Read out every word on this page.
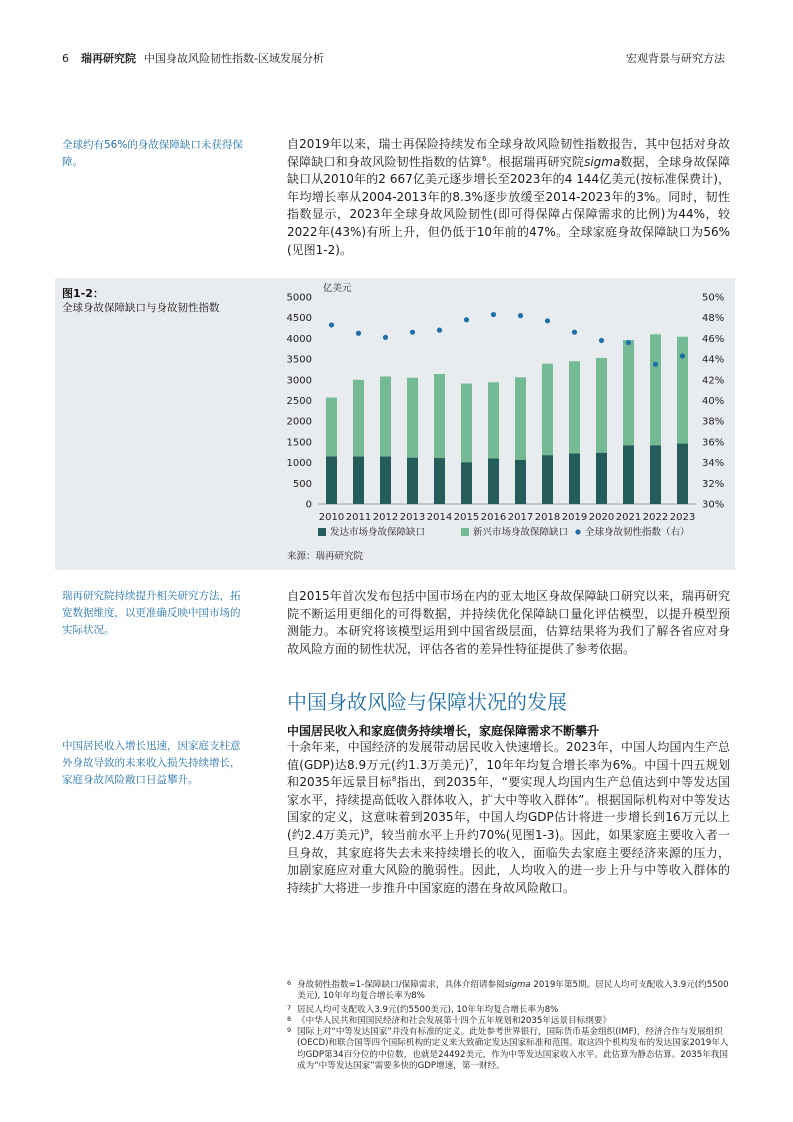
6 瑞再研究院 中国身故风险韧性指数-区域发展分析	宏观背景与研究方法
全球约有56%的身故保障缺口未获得保障。
瑞再研究院持续提升相关研究方法，拓宽数据维度，以更准确反映中国市场的实际状况。
中国居民收入增长迅速，因家庭支柱意外身故导致的未来收入损失持续增长，家庭身故风险敞口日益攀升。

自2019年以来，瑞士再保险持续发布全球身故风险韧性指数报告，其中包括对身故保障缺口和身故风险韧性指数的估算$^6$。根据瑞再研究院sigma数据，全球身故保障缺口从2010年的2 667亿美元逐步增长至2023年的4 144亿美元(按标准保费计)，年均增长率从2004-2013年的8.3%逐步放缓至2014-2023年的3%。同时，韧性指数显示，2023年全球身故风险韧性(即可得保障占保障需求的比例)为44%，较2022年(43%)有所上升，但仍低于10年前的47%。全球家庭身故保障缺口为56%(见图1-2)。

图1-2：
全球身故保障缺口与身故韧性指数
亿美元
0
500
1000
1500
2000
2500
3000
3500
4000
4500
5000
30%
32%
34%
36%
38%
40%
42%
44%
46%
48%
50%
2010 2011 2012 2013 2014 2015 2016 2017 2018 2019 2020 2021 2022 2023
发达市场身故保障缺口	新兴市场身故保障缺口 全球身故韧性指数（右）
来源：瑞再研究院

自2015年首次发布包括中国市场在内的亚太地区身故保障缺口研究以来，瑞再研究院不断运用更细化的可得数据，并持续优化保障缺口量化评估模型，以提升模型预测能力。本研究将该模型运用到中国省级层面，估算结果将为我们了解各省应对身故风险方面的韧性状况，评估各省的差异性特征提供了参考依据。

中国身故风险与保障状况的发展
中国居民收入和家庭债务持续增长，家庭保障需求不断攀升

十余年来，中国经济的发展带动居民收入快速增长。2023年，中国人均国内生产总值(GDP)达8.9万元(约1.3万美元)$^7$，10年年均复合增长率为6%。中国十四五规划和2035年远景目标$^8$指出，到2035年，“要实现人均国内生产总值达到中等发达国家水平，持续提高低收入群体收入，扩大中等收入群体”。根据国际机构对中等发达国家的定义，这意味着到2035年，中国人均GDP估计将进一步增长到16万元以上(约2.4万美元)$^9$，较当前水平上升约70%(见图1-3)。因此，如果家庭主要收入者一旦身故，其家庭将失去未来持续增长的收入，面临失去家庭主要经济来源的压力，加剧家庭应对重大风险的脆弱性。因此，人均收入的进一步上升与中等收入群体的持续扩大将进一步推升中国家庭的潜在身故风险敞口。

6 身故韧性指数=1-保障缺口/保障需求，具体介绍请参阅sigma 2019年第5期。居民人均可支配收入3.9元(约5500美元), 10年年均复合增长率为8%
7 居民人均可支配收入3.9元(约5500美元), 10年年均复合增长率为8%
8 《中华人民共和国国民经济和社会发展第十四个五年规划和2035年远景目标纲要》
9 国际上对“中等发达国家”并没有标准的定义。此处参考世界银行，国际货币基金组织(IMF)，经济合作与发展组织(OECD)和联合国等四个国际机构的定义来大致确定发达国家标准和范围。取这四个机构发布的发达国家2019年人均GDP第34百分位的中位数，也就是24492美元，作为中等发达国家收入水平。此估算为静态估算。2035年我国成为“中等发达国家”需要多快的GDP增速，第一财经。
